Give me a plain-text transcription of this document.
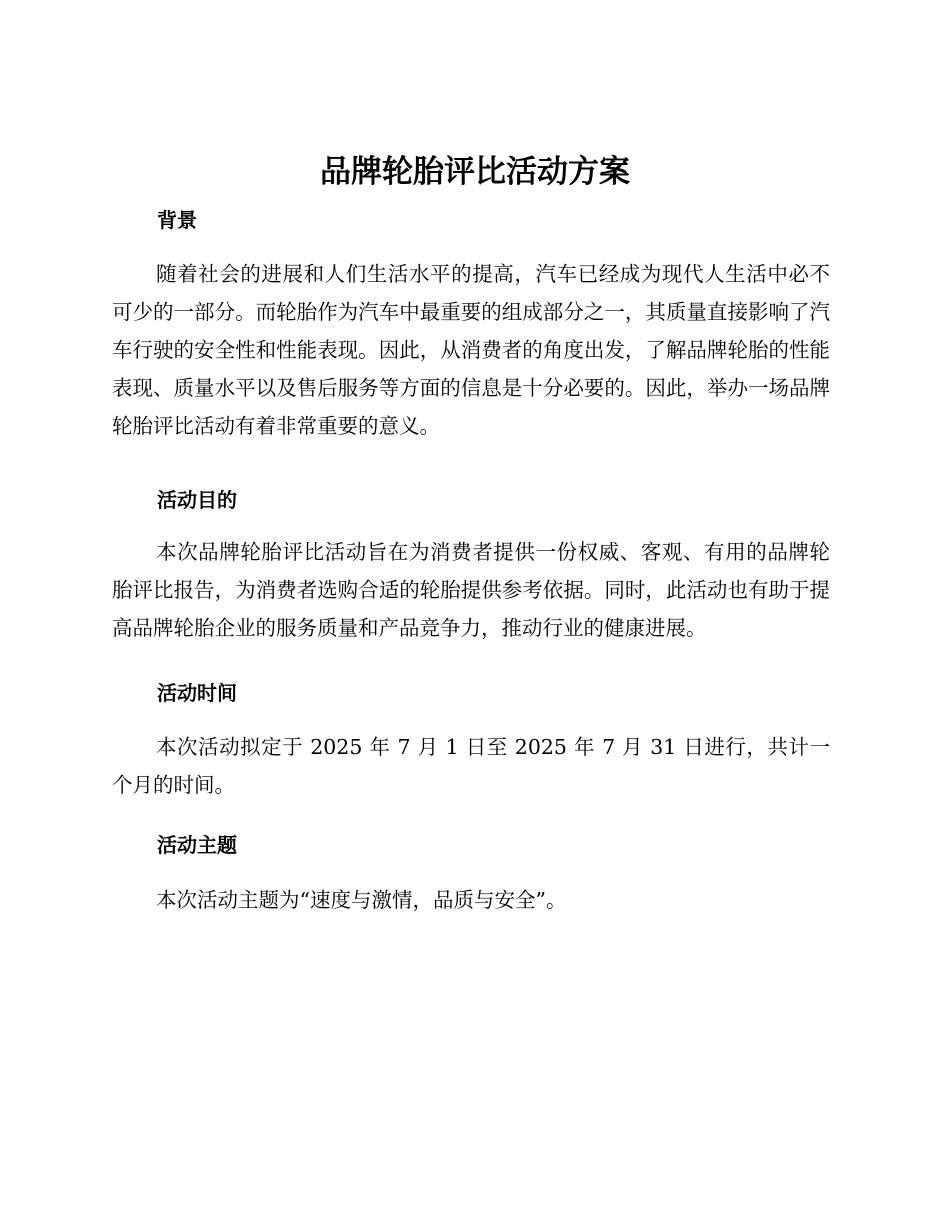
品牌轮胎评比活动方案
背景

随着社会的进展和人们生活水平的提高，汽车已经成为现代人生活中必不可少的一部分。而轮胎作为汽车中最重要的组成部分之一，其质量直接影响了汽车行驶的安全性和性能表现。因此，从消费者的角度出发，了解品牌轮胎的性能表现、质量水平以及售后服务等方面的信息是十分必要的。因此，举办一场品牌轮胎评比活动有着非常重要的意义。

活动目的

本次品牌轮胎评比活动旨在为消费者提供一份权威、客观、有用的品牌轮胎评比报告，为消费者选购合适的轮胎提供参考依据。同时，此活动也有助于提高品牌轮胎企业的服务质量和产品竞争力，推动行业的健康进展。

活动时间

本次活动拟定于 2025 年 7 月 1 日至 2025 年 7 月 31 日进行，共计一个月的时间。

活动主题

本次活动主题为“速度与激情，品质与安全”。
